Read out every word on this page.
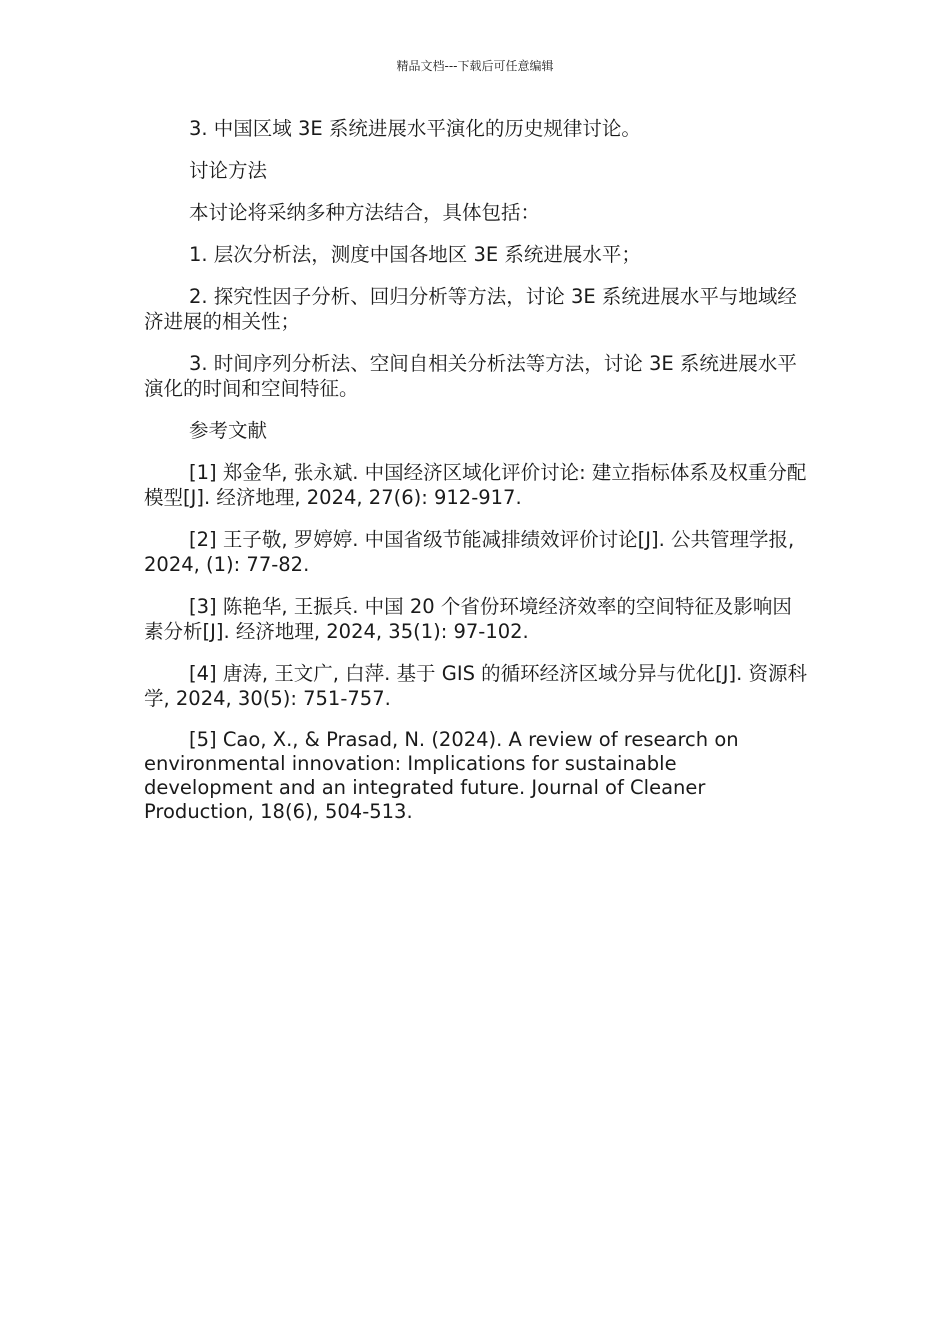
精品文档---下载后可任意编辑

3. 中国区域 3E 系统进展水平演化的历史规律讨论。

讨论方法

本讨论将采纳多种方法结合，具体包括：

1. 层次分析法，测度中国各地区 3E 系统进展水平；

2. 探究性因子分析、回归分析等方法，讨论 3E 系统进展水平与地域经济进展的相关性；

3. 时间序列分析法、空间自相关分析法等方法，讨论 3E 系统进展水平演化的时间和空间特征。

参考文献

[1] 郑金华, 张永斌. 中国经济区域化评价讨论: 建立指标体系及权重分配模型[J]. 经济地理, 2024, 27(6): 912-917.

[2] 王子敬, 罗婷婷. 中国省级节能减排绩效评价讨论[J]. 公共管理学报, 2024, (1): 77-82.

[3] 陈艳华, 王振兵. 中国 20 个省份环境经济效率的空间特征及影响因素分析[J]. 经济地理, 2024, 35(1): 97-102.

[4] 唐涛, 王文广, 白萍. 基于 GIS 的循环经济区域分异与优化[J]. 资源科学, 2024, 30(5): 751-757.

[5] Cao, X., & Prasad, N. (2024). A review of research on environmental innovation: Implications for sustainable development and an integrated future. Journal of Cleaner Production, 18(6), 504-513.
